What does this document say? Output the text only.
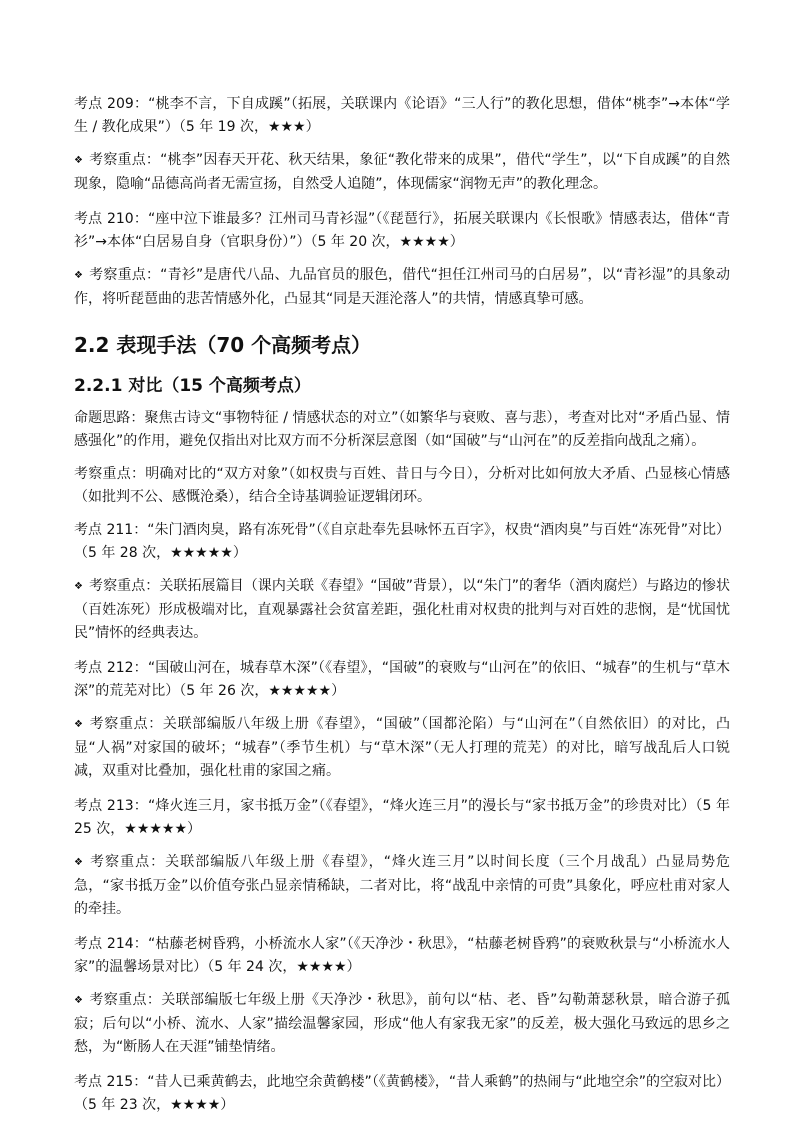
考点 209：“桃李不言，下自成蹊”（拓展，关联课内《论语》“三人行”的教化思想，借体“桃李”→本体“学生 / 教化成果”）（5 年 19 次，★★★）

❖ 考察重点：“桃李”因春天开花、秋天结果，象征“教化带来的成果”，借代“学生”，以“下自成蹊”的自然现象，隐喻“品德高尚者无需宣扬，自然受人追随”，体现儒家“润物无声”的教化理念。

考点 210：“座中泣下谁最多？江州司马青衫湿”（《琵琶行》，拓展关联课内《长恨歌》情感表达，借体“青衫”→本体“白居易自身（官职身份）”）（5 年 20 次，★★★★）

❖ 考察重点：“青衫”是唐代八品、九品官员的服色，借代“担任江州司马的白居易”，以“青衫湿”的具象动作，将听琵琶曲的悲苦情感外化，凸显其“同是天涯沦落人”的共情，情感真挚可感。

2.2 表现手法（70 个高频考点）
2.2.1 对比（15 个高频考点）

命题思路：聚焦古诗文“事物特征 / 情感状态的对立”（如繁华与衰败、喜与悲），考查对比对“矛盾凸显、情感强化”的作用，避免仅指出对比双方而不分析深层意图（如“国破”与“山河在”的反差指向战乱之痛）。

考察重点：明确对比的“双方对象”（如权贵与百姓、昔日与今日），分析对比如何放大矛盾、凸显核心情感（如批判不公、感慨沧桑），结合全诗基调验证逻辑闭环。

考点 211：“朱门酒肉臭，路有冻死骨”（《自京赴奉先县咏怀五百字》，权贵“酒肉臭”与百姓“冻死骨”对比）（5 年 28 次，★★★★★）

❖ 考察重点：关联拓展篇目（课内关联《春望》“国破”背景），以“朱门”的奢华（酒肉腐烂）与路边的惨状（百姓冻死）形成极端对比，直观暴露社会贫富差距，强化杜甫对权贵的批判与对百姓的悲悯，是“忧国忧民”情怀的经典表达。

考点 212：“国破山河在，城春草木深”（《春望》，“国破”的衰败与“山河在”的依旧、“城春”的生机与“草木深”的荒芜对比）（5 年 26 次，★★★★★）

❖ 考察重点：关联部编版八年级上册《春望》，“国破”（国都沦陷）与“山河在”（自然依旧）的对比，凸显“人祸”对家国的破坏；“城春”（季节生机）与“草木深”（无人打理的荒芜）的对比，暗写战乱后人口锐减，双重对比叠加，强化杜甫的家国之痛。

考点 213：“烽火连三月，家书抵万金”（《春望》，“烽火连三月”的漫长与“家书抵万金”的珍贵对比）（5 年 25 次，★★★★★）

❖ 考察重点：关联部编版八年级上册《春望》，“烽火连三月”以时间长度（三个月战乱）凸显局势危急，“家书抵万金”以价值夸张凸显亲情稀缺，二者对比，将“战乱中亲情的可贵”具象化，呼应杜甫对家人的牵挂。

考点 214：“枯藤老树昏鸦，小桥流水人家”（《天净沙・秋思》，“枯藤老树昏鸦”的衰败秋景与“小桥流水人家”的温馨场景对比）（5 年 24 次，★★★★）

❖ 考察重点：关联部编版七年级上册《天净沙・秋思》，前句以“枯、老、昏”勾勒萧瑟秋景，暗合游子孤寂；后句以“小桥、流水、人家”描绘温馨家园，形成“他人有家我无家”的反差，极大强化马致远的思乡之愁，为“断肠人在天涯”铺垫情绪。

考点 215：“昔人已乘黄鹤去，此地空余黄鹤楼”（《黄鹤楼》，“昔人乘鹤”的热闹与“此地空余”的空寂对比）（5 年 23 次，★★★★）
